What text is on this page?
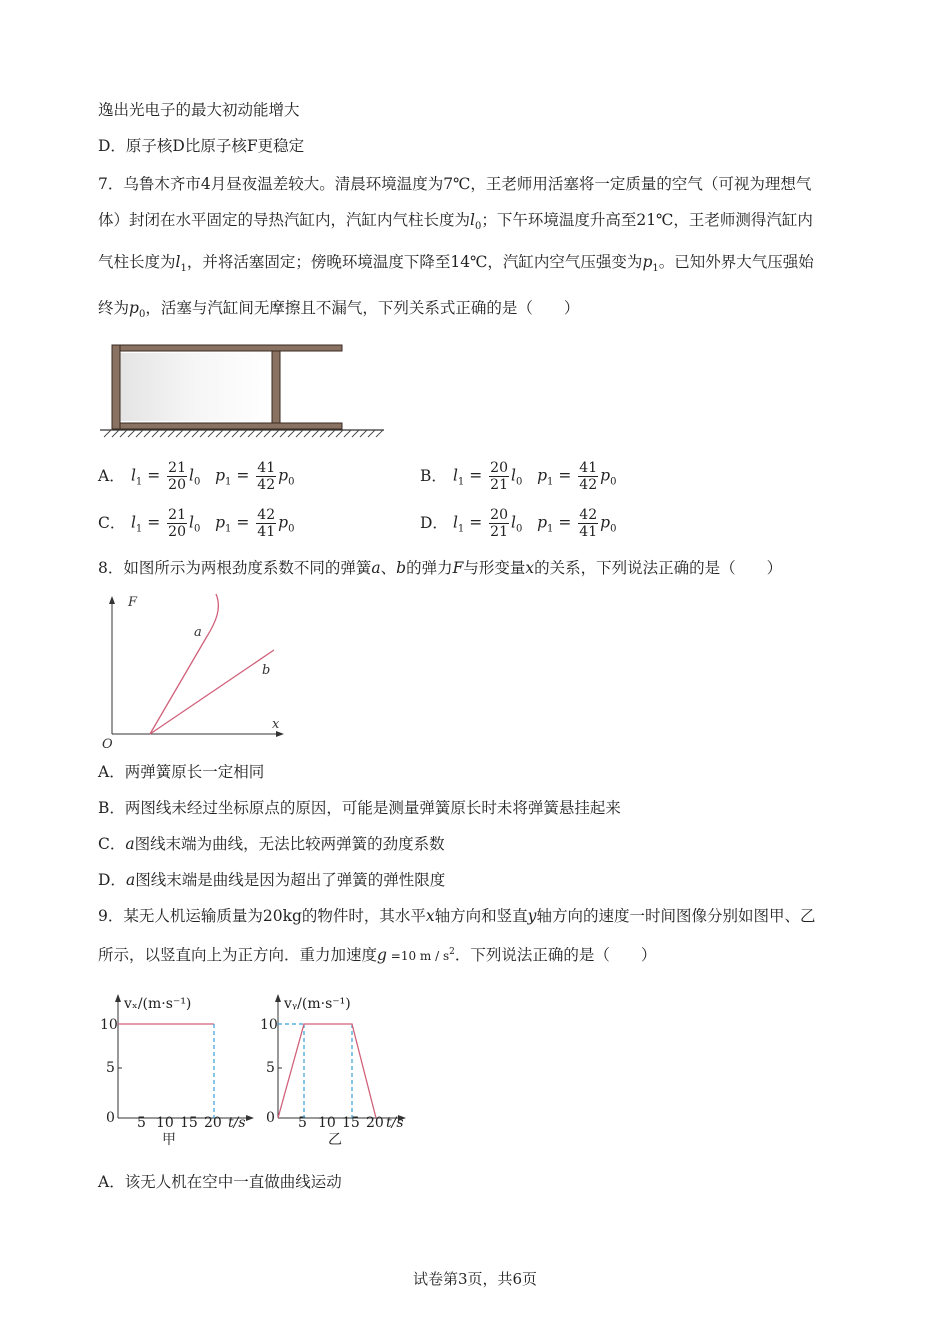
逸出光电子的最大初动能增大
D．原子核D比原子核F更稳定
7．乌鲁木齐市4月昼夜温差较大。清晨环境温度为7℃，王老师用活塞将一定质量的空气（可视为理想气
体）封闭在水平固定的导热汽缸内，汽缸内气柱长度为$l_0$；下午环境温度升高至21℃，王老师测得汽缸内
气柱长度为$l_1$，并将活塞固定；傍晚环境温度下降至14℃，汽缸内空气压强变为$p_1$。已知外界大气压强始
终为$p_0$，活塞与汽缸间无摩擦且不漏气，下列关系式正确的是（　　）
A． $l_1 = \frac{21}{20} l_0$ $p_1 = \frac{41}{42} p_0$	B． $l_1 = \frac{20}{21} l_0$ $p_1 = \frac{41}{42} p_0$
C． $l_1 = \frac{21}{20} l_0$ $p_1 = \frac{42}{41} p_0$	D． $l_1 = \frac{20}{21} l_0$ $p_1 = \frac{42}{41} p_0$
8．如图所示为两根劲度系数不同的弹簧a、b的弹力F与形变量x的关系，下列说法正确的是（　　）
F
x
O
a
b
A．两弹簧原长一定相同
B．两图线未经过坐标原点的原因，可能是测量弹簧原长时未将弹簧悬挂起来
C．a图线末端为曲线，无法比较两弹簧的劲度系数
D．a图线末端是曲线是因为超出了弹簧的弹性限度
9．某无人机运输质量为20kg的物件时，其水平x轴方向和竖直y轴方向的速度一时间图像分别如图甲、乙
所示，以竖直向上为正方向．重力加速度g =10 m / $s^2$．下列说法正确的是（　　）
vₓ/(m·s⁻¹)
10
5
0 5 10 15 20 t/s
甲
vᵧ/(m·s⁻¹)
10
5
0 5 10 15 20 t/s
乙
A．该无人机在空中一直做曲线运动
试卷第3页，共6页
